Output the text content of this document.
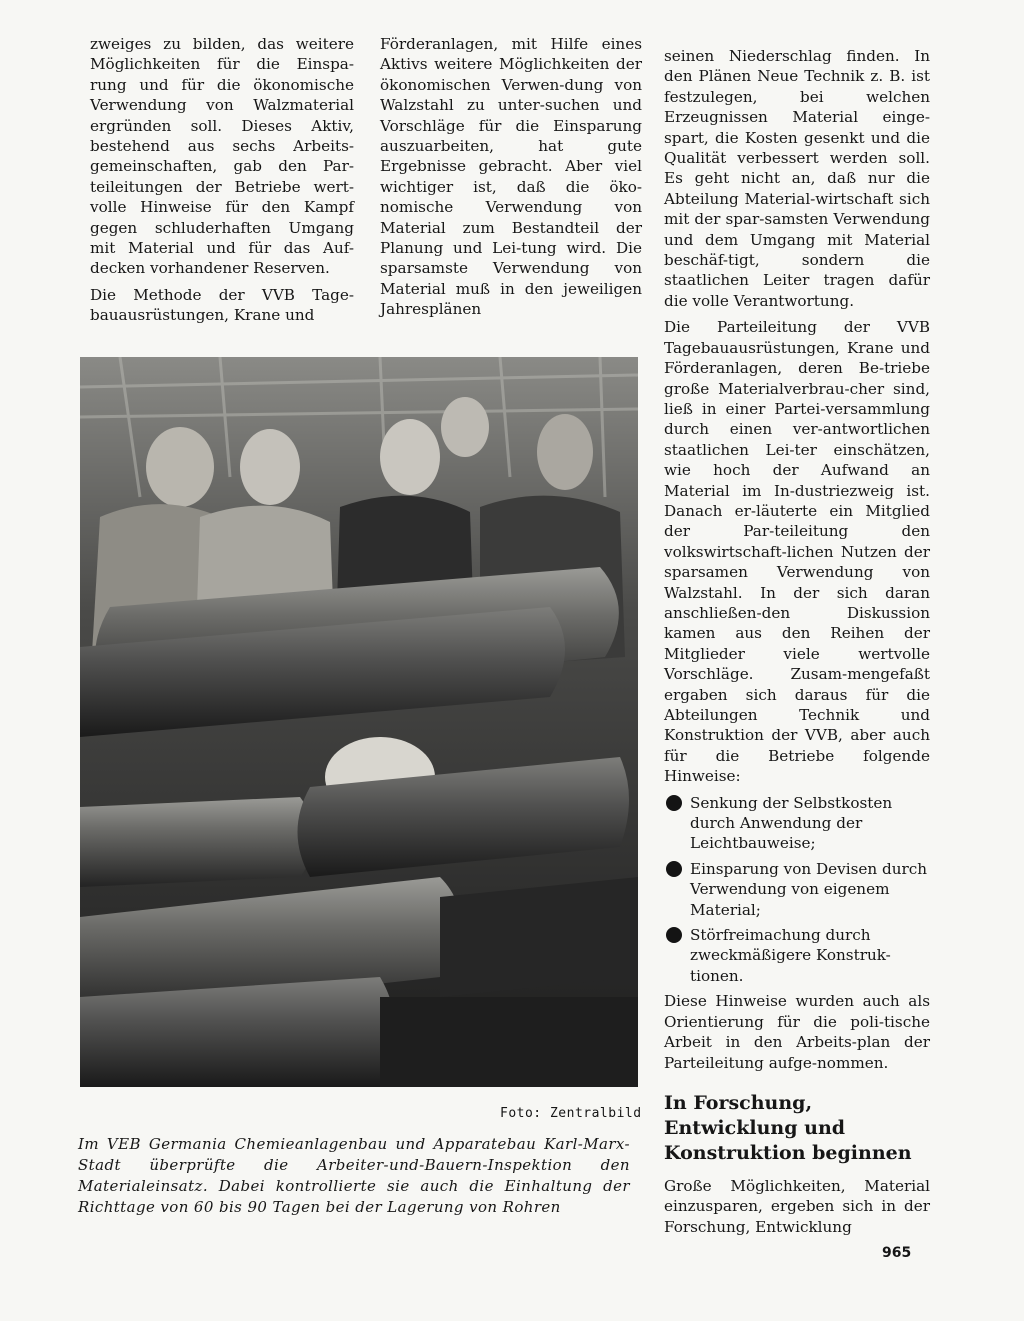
zweiges zu bilden, das weitere Möglichkeiten für die Einspa-rung und für die ökonomische Verwendung von Walzmaterial ergründen soll. Dieses Aktiv, bestehend aus sechs Arbeits-gemeinschaften, gab den Par-teileitungen der Betriebe wert-volle Hinweise für den Kampf gegen schluderhaften Umgang mit Material und für das Auf-decken vorhandener Reserven.

Die Methode der VVB Tage-bauausrüstungen, Krane und

Förderanlagen, mit Hilfe eines Aktivs weitere Möglichkeiten der ökonomischen Verwen-dung von Walzstahl zu unter-suchen und Vorschläge für die Einsparung auszuarbeiten, hat gute Ergebnisse gebracht. Aber viel wichtiger ist, daß die öko-nomische Verwendung von Material zum Bestandteil der Planung und Lei-tung wird. Die sparsamste Verwendung von Material muß in den jeweiligen Jahresplänen

seinen Niederschlag finden. In den Plänen Neue Technik z. B. ist festzulegen, bei welchen Erzeugnissen Material einge-spart, die Kosten gesenkt und die Qualität verbessert werden soll. Es geht nicht an, daß nur die Abteilung Material-wirtschaft sich mit der spar-samsten Verwendung und dem Umgang mit Material beschäf-tigt, sondern die staatlichen Leiter tragen dafür die volle Verantwortung.

Die Parteileitung der VVB Tagebauausrüstungen, Krane und Förderanlagen, deren Be-triebe große Materialverbrau-cher sind, ließ in einer Partei-versammlung durch einen ver-antwortlichen staatlichen Lei-ter einschätzen, wie hoch der Aufwand an Material im In-dustriezweig ist. Danach er-läuterte ein Mitglied der Par-teileitung den volkswirtschaft-lichen Nutzen der sparsamen Verwendung von Walzstahl. In der sich daran anschließen-den Diskussion kamen aus den Reihen der Mitglieder viele wertvolle Vorschläge. Zusam-mengefaßt ergaben sich daraus für die Abteilungen Technik und Konstruktion der VVB, aber auch für die Betriebe folgende Hinweise:

Senkung der Selbstkosten durch Anwendung der Leichtbauweise;
Einsparung von Devisen durch Verwendung von eigenem Material;
Störfreimachung durch zweckmäßigere Konstruk-tionen.

Diese Hinweise wurden auch als Orientierung für die poli-tische Arbeit in den Arbeits-plan der Parteileitung aufge-nommen.

In Forschung, Entwicklung und Konstruktion beginnen

Große Möglichkeiten, Material einzusparen, ergeben sich in der Forschung, Entwicklung

Foto: Zentralbild
Im VEB Germania Chemieanlagenbau und Apparatebau Karl-Marx-Stadt überprüfte die Arbeiter-und-Bauern-Inspektion den Materialeinsatz. Dabei kontrollierte sie auch die Einhaltung der Richttage von 60 bis 90 Tagen bei der Lagerung von Rohren
965
